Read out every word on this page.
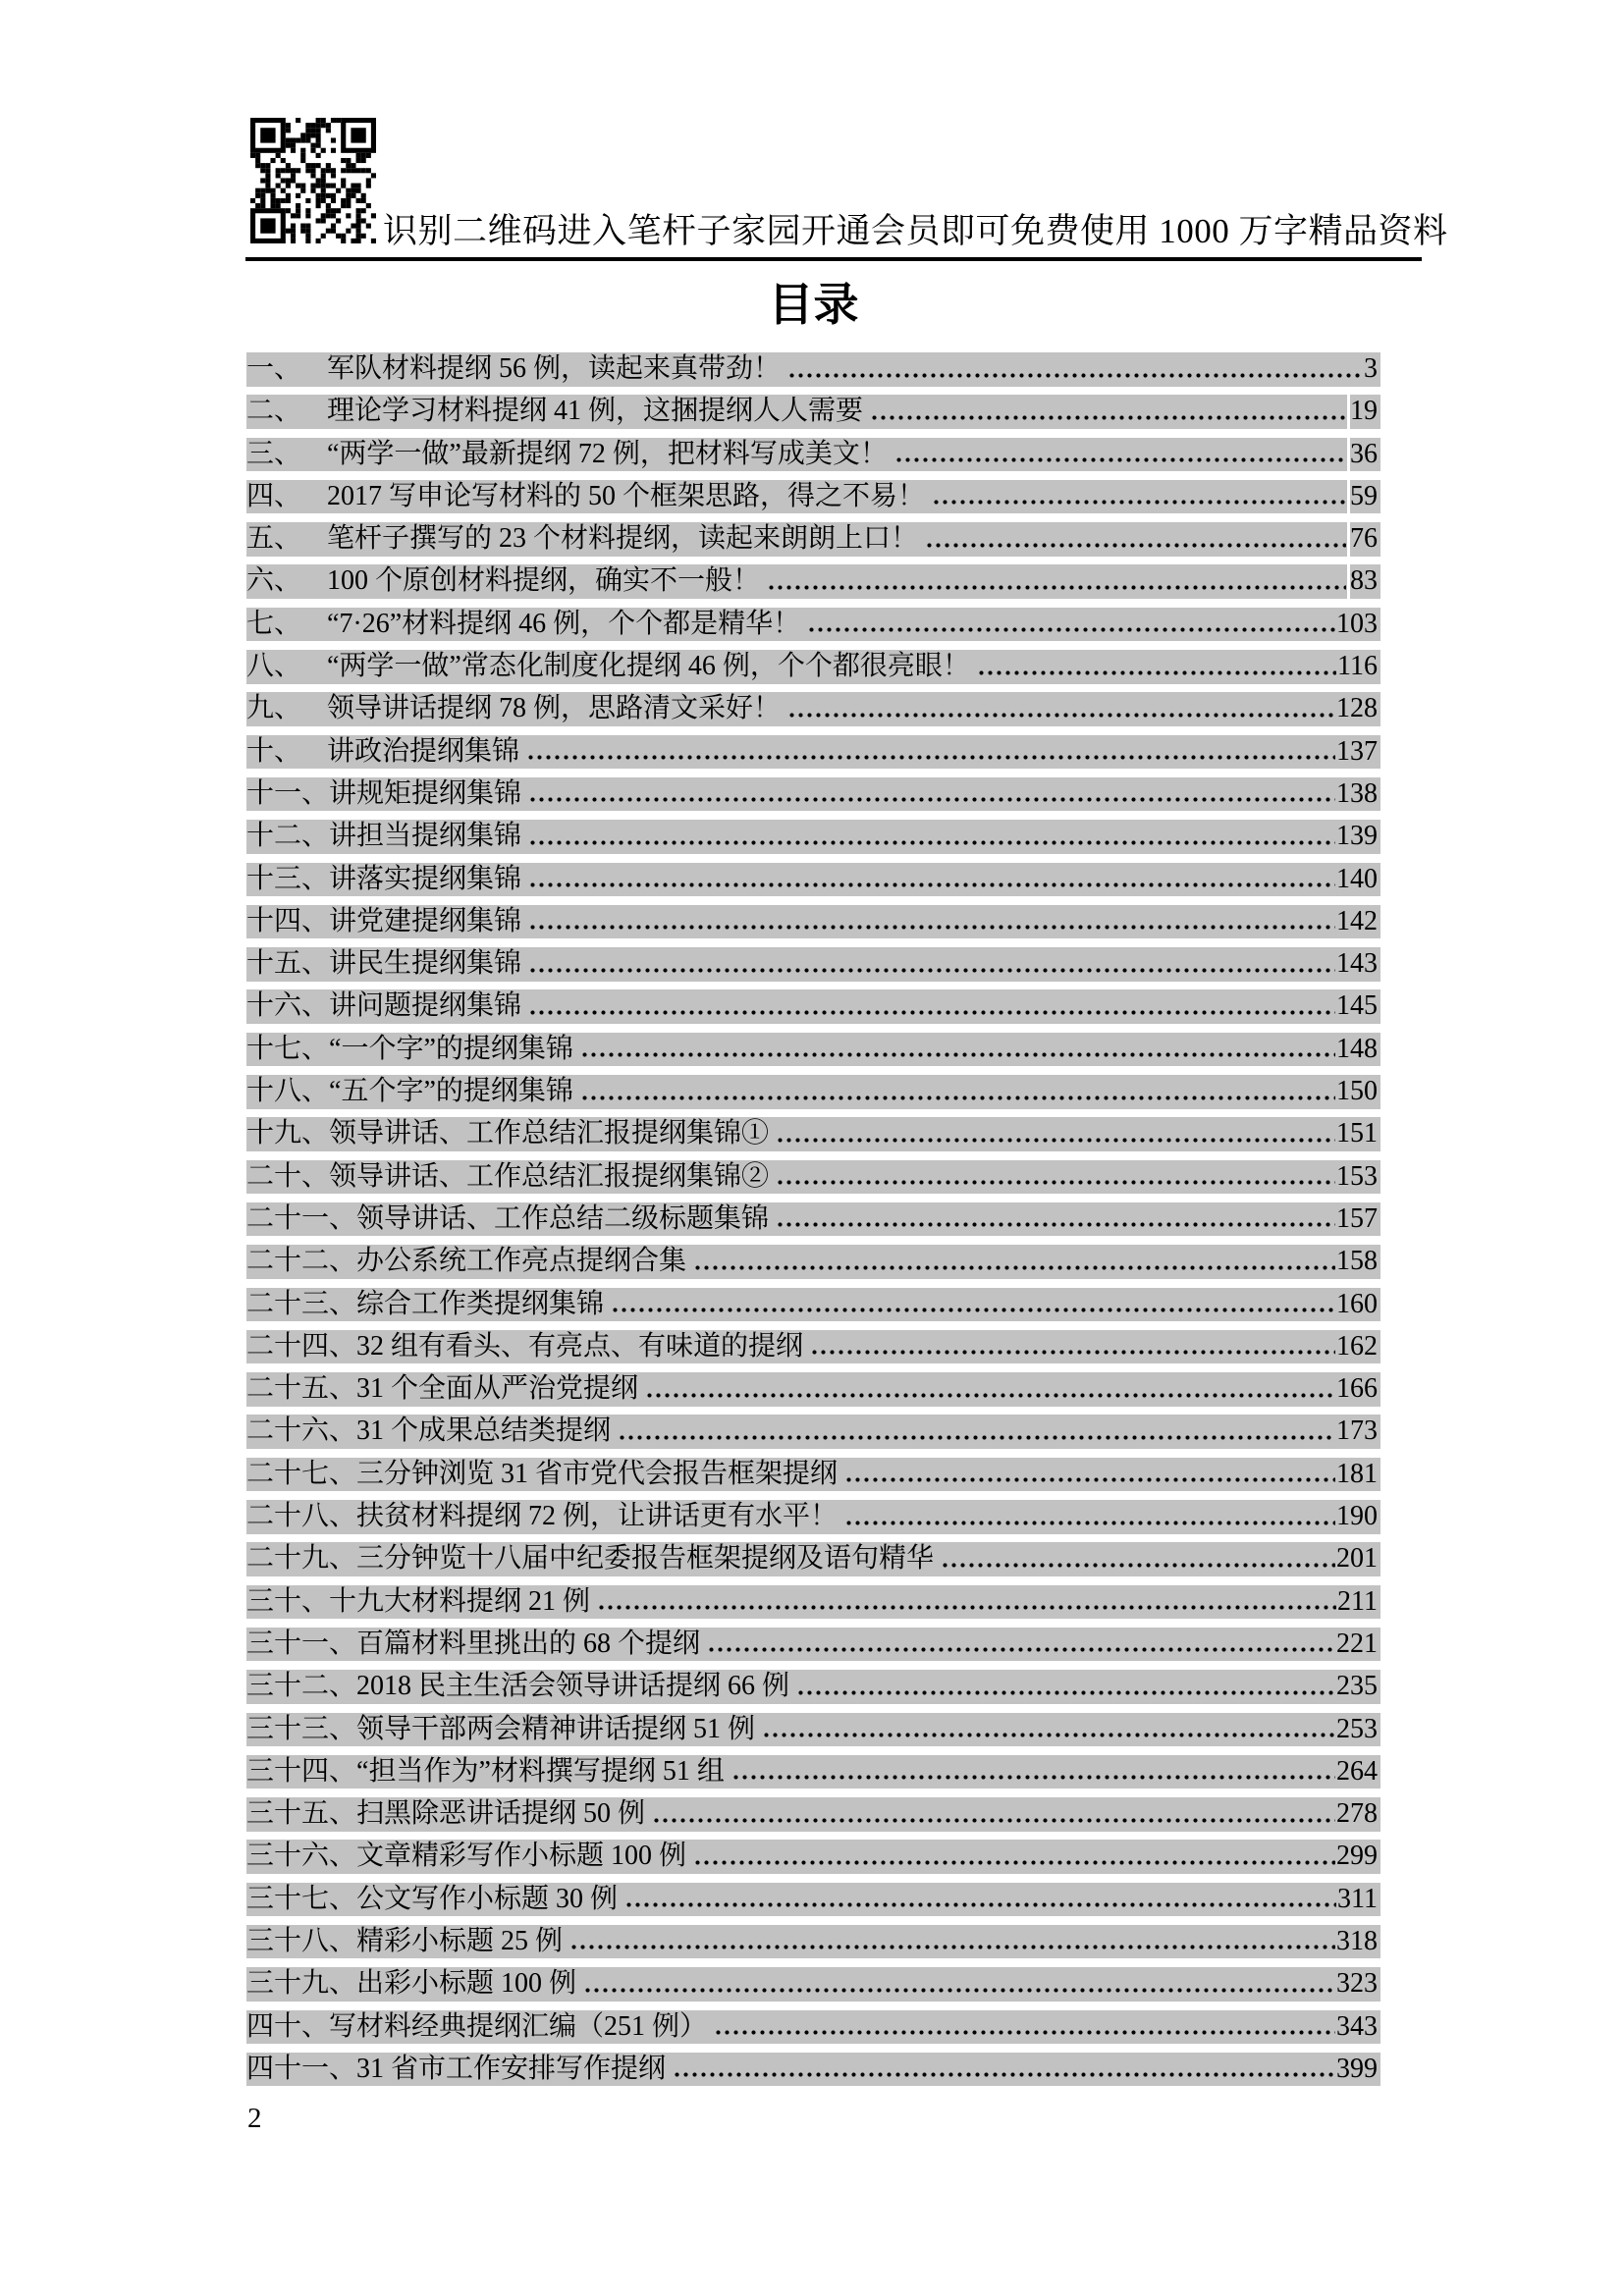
识别二维码进入笔杆子家园开通会员即可免费使用 1000 万字精品资料
目录
一、 军队材料提纲 56 例，读起来真带劲！	3
二、 理论学习材料提纲 41 例，这捆提纲人人需要	19
三、 “两学一做”最新提纲 72 例，把材料写成美文！	36
四、 2017 写申论写材料的 50 个框架思路，得之不易！	59
五、 笔杆子撰写的 23 个材料提纲，读起来朗朗上口！	76
六、 100 个原创材料提纲，确实不一般！	83
七、 “7·26”材料提纲 46 例，个个都是精华！	103
八、 “两学一做”常态化制度化提纲 46 例，个个都很亮眼！	116
九、 领导讲话提纲 78 例，思路清文采好！	128
十、 讲政治提纲集锦	137
十一、 讲规矩提纲集锦	138
十二、 讲担当提纲集锦	139
十三、 讲落实提纲集锦	140
十四、 讲党建提纲集锦	142
十五、 讲民生提纲集锦	143
十六、 讲问题提纲集锦	145
十七、 “一个字”的提纲集锦	148
十八、 “五个字”的提纲集锦	150
十九、 领导讲话、工作总结汇报提纲集锦①	151
二十、 领导讲话、工作总结汇报提纲集锦②	153
二十一、 领导讲话、工作总结二级标题集锦	157
二十二、 办公系统工作亮点提纲合集	158
二十三、 综合工作类提纲集锦	160
二十四、 32 组有看头、有亮点、有味道的提纲	162
二十五、 31 个全面从严治党提纲	166
二十六、 31 个成果总结类提纲	173
二十七、 三分钟浏览 31 省市党代会报告框架提纲	181
二十八、 扶贫材料提纲 72 例，让讲话更有水平！	190
二十九、 三分钟览十八届中纪委报告框架提纲及语句精华	201
三十、 十九大材料提纲 21 例	211
三十一、 百篇材料里挑出的 68 个提纲	221
三十二、 2018 民主生活会领导讲话提纲 66 例	235
三十三、 领导干部两会精神讲话提纲 51 例	253
三十四、 “担当作为”材料撰写提纲 51 组	264
三十五、 扫黑除恶讲话提纲 50 例	278
三十六、 文章精彩写作小标题 100 例	299
三十七、 公文写作小标题 30 例	311
三十八、 精彩小标题 25 例	318
三十九、 出彩小标题 100 例	323
四十、 写材料经典提纲汇编（251 例）	343
四十一、 31 省市工作安排写作提纲	399
2
